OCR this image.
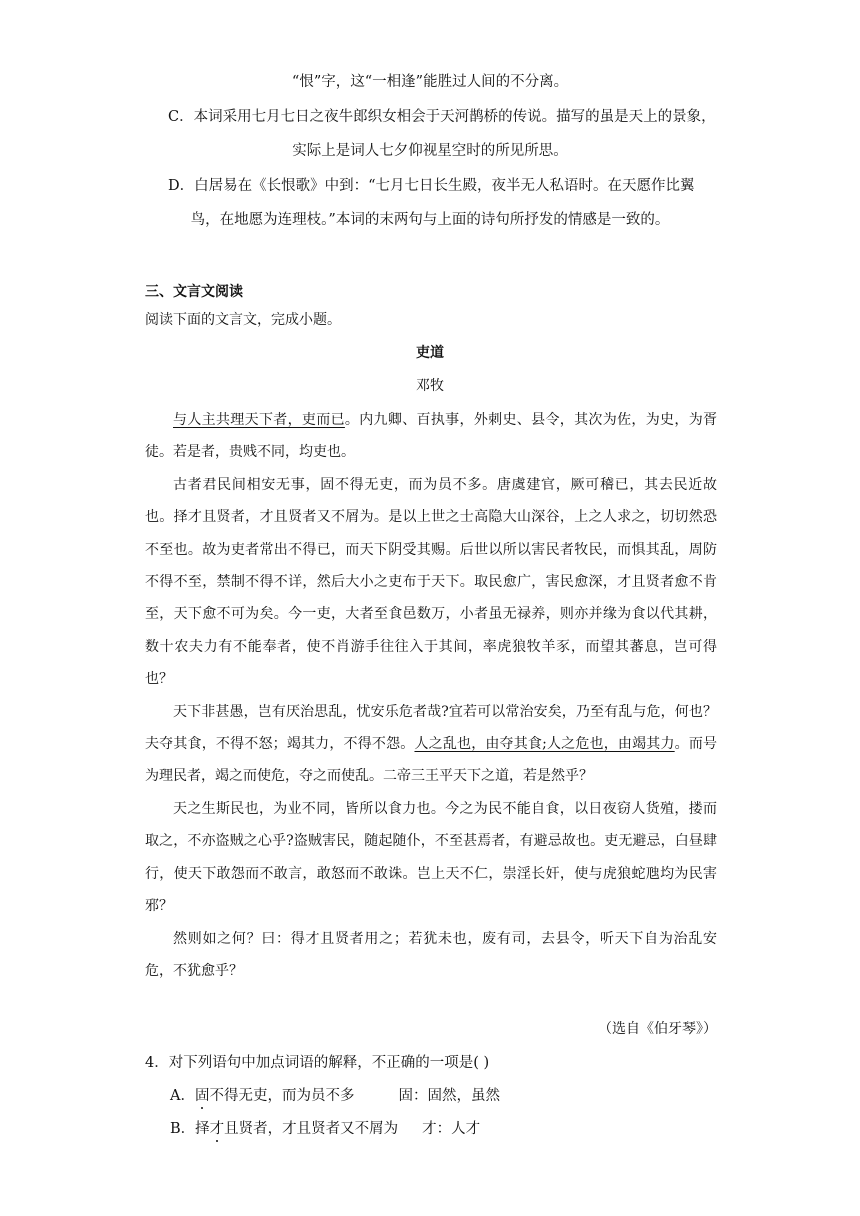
“恨”字，这“一相逢”能胜过人间的不分离。
C．本词采用七月七日之夜牛郎织女相会于天河鹊桥的传说。描写的虽是天上的景象，
实际上是词人七夕仰视星空时的所见所思。
D．白居易在《长恨歌》中到：“七月七日长生殿，夜半无人私语时。在天愿作比翼
鸟，在地愿为连理枝。”本词的末两句与上面的诗句所抒发的情感是一致的。
三、文言文阅读
阅读下面的文言文，完成小题。
吏道
邓牧

与人主共理天下者，吏而已。内九卿、百执事，外刺史、县令，其次为佐，为史，为胥徒。若是者，贵贱不同，均吏也。

古者君民间相安无事，固不得无吏，而为员不多。唐虞建官，厥可稽已，其去民近故也。择才且贤者，才且贤者又不屑为。是以上世之士高隐大山深谷，上之人求之，切切然恐不至也。故为吏者常出不得已，而天下阴受其赐。后世以所以害民者牧民，而惧其乱，周防不得不至，禁制不得不详，然后大小之吏布于天下。取民愈广，害民愈深，才且贤者愈不肯至，天下愈不可为矣。今一吏，大者至食邑数万，小者虽无禄养，则亦并缘为食以代其耕，数十农夫力有不能奉者，使不肖游手往往入于其间，率虎狼牧羊豕，而望其蕃息，岂可得也？

天下非甚愚，岂有厌治思乱，忧安乐危者哉?宜若可以常治安矣，乃至有乱与危，何也？夫夺其食，不得不怒；竭其力，不得不怨。人之乱也，由夺其食;人之危也，由竭其力。而号为理民者，竭之而使危，夺之而使乱。二帝三王平天下之道，若是然乎？

天之生斯民也，为业不同，皆所以食力也。今之为民不能自食，以日夜窃人货殖，搂而取之，不亦盗贼之心乎?盗贼害民，随起随仆，不至甚焉者，有避忌故也。吏无避忌，白昼肆行，使天下敢怨而不敢言，敢怒而不敢诛。岂上天不仁，崇淫长奸，使与虎狼蛇虺均为民害邪？

然则如之何？曰：得才且贤者用之；若犹未也，废有司，去县令，听天下自为治乱安危，不犹愈乎？

（选自《伯牙琴》）
4．对下列语句中加点词语的解释，不正确的一项是( )
A．固不得无吏，而为员不多	固：固然，虽然
B．择才且贤者，才且贤者又不屑为 才：人才
